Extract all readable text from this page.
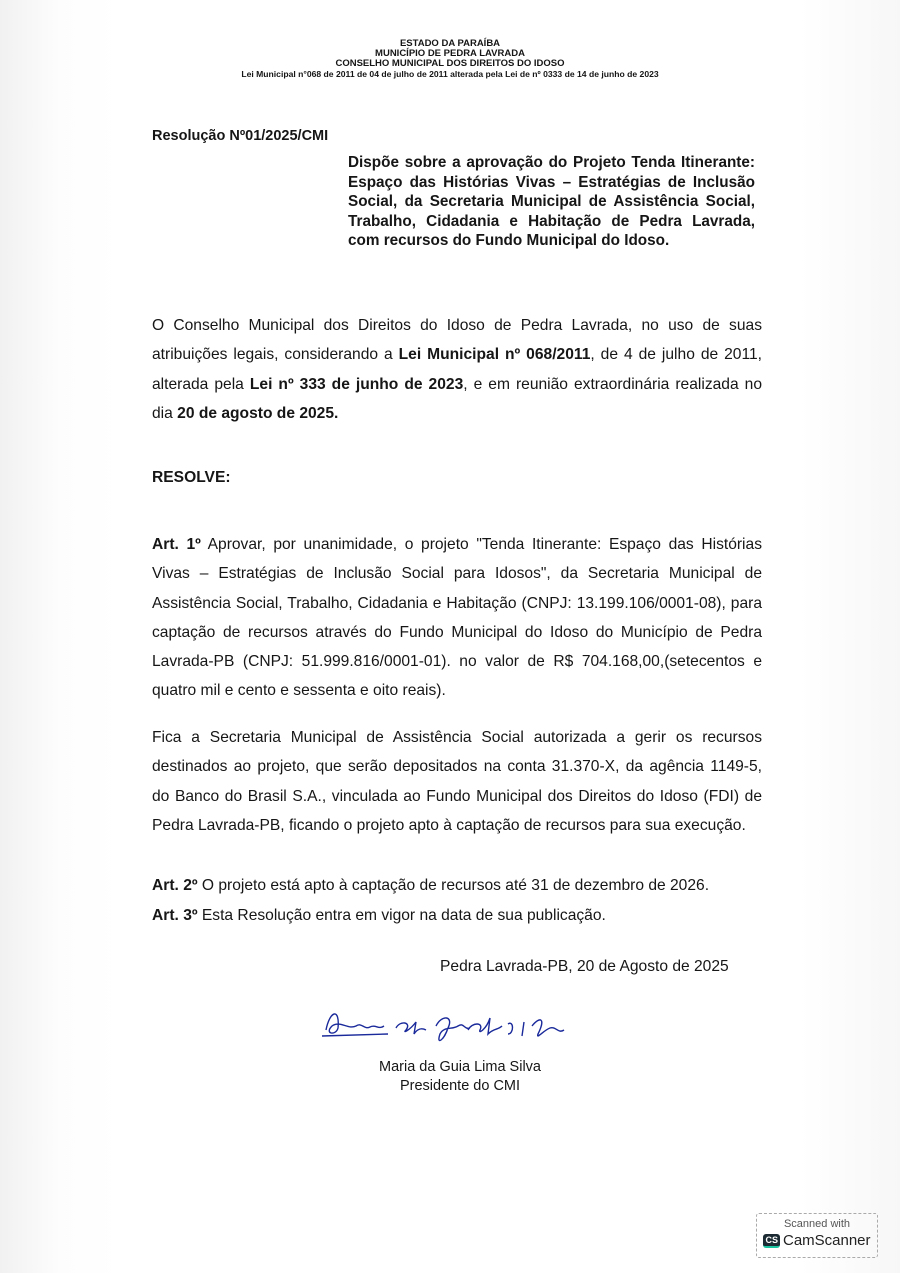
ESTADO DA PARAÍBA
MUNICÍPIO DE PEDRA LAVRADA
CONSELHO MUNICIPAL DOS DIREITOS DO IDOSO
Lei Municipal n°068 de 2011 de 04 de julho de 2011 alterada pela Lei de nº 0333 de 14 de junho de 2023
Resolução Nº01/2025/CMI
Dispõe sobre a aprovação do Projeto Tenda Itinerante: Espaço das Histórias Vivas – Estratégias de Inclusão Social, da Secretaria Municipal de Assistência Social, Trabalho, Cidadania e Habitação de Pedra Lavrada, com recursos do Fundo Municipal do Idoso.
O Conselho Municipal dos Direitos do Idoso de Pedra Lavrada, no uso de suas atribuições legais, considerando a Lei Municipal nº 068/2011, de 4 de julho de 2011, alterada pela Lei nº 333 de junho de 2023, e em reunião extraordinária realizada no dia 20 de agosto de 2025.
RESOLVE:
Art. 1º Aprovar, por unanimidade, o projeto "Tenda Itinerante: Espaço das Histórias Vivas – Estratégias de Inclusão Social para Idosos", da Secretaria Municipal de Assistência Social, Trabalho, Cidadania e Habitação (CNPJ: 13.199.106/0001-08), para captação de recursos através do Fundo Municipal do Idoso do Município de Pedra Lavrada-PB (CNPJ: 51.999.816/0001-01). no valor de R$ 704.168,00,(setecentos e quatro mil e cento e sessenta e oito reais).
Fica a Secretaria Municipal de Assistência Social autorizada a gerir os recursos destinados ao projeto, que serão depositados na conta 31.370-X, da agência 1149-5, do Banco do Brasil S.A., vinculada ao Fundo Municipal dos Direitos do Idoso (FDI) de Pedra Lavrada-PB, ficando o projeto apto à captação de recursos para sua execução.
Art. 2º O projeto está apto à captação de recursos até 31 de dezembro de 2026.
Art. 3º Esta Resolução entra em vigor na data de sua publicação.
Pedra Lavrada-PB, 20 de Agosto de 2025
Maria da Guia Lima Silva
Presidente do CMI
Scanned with
CS CamScanner
